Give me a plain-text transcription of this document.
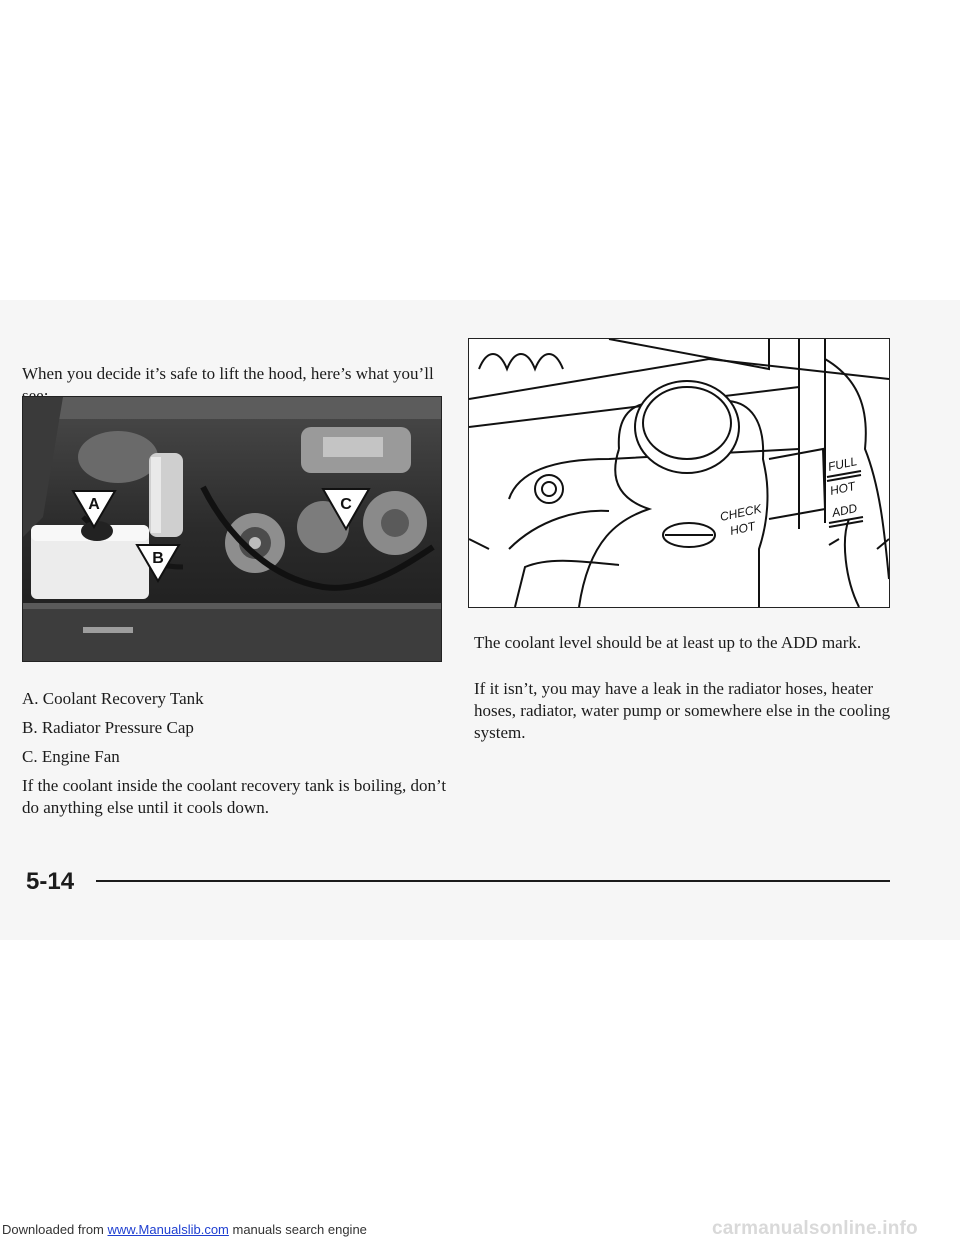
When you decide it’s safe to lift the hood, here’s what you’ll

A
B
C
A. Coolant Recovery Tank
B. Radiator Pressure Cap
C. Engine Fan

If the coolant inside the coolant recovery tank is boiling, don’t do anything else until it cools down.

CHECK
HOT
FULL
HOT
ADD

The coolant level should be at least up to the ADD mark.

If it isn’t, you may have a leak in the radiator hoses, heater hoses, radiator, water pump or somewhere else in the cooling system.

5-14
Downloaded from www.Manualslib.com manuals search engine	carmanualsonline.info
